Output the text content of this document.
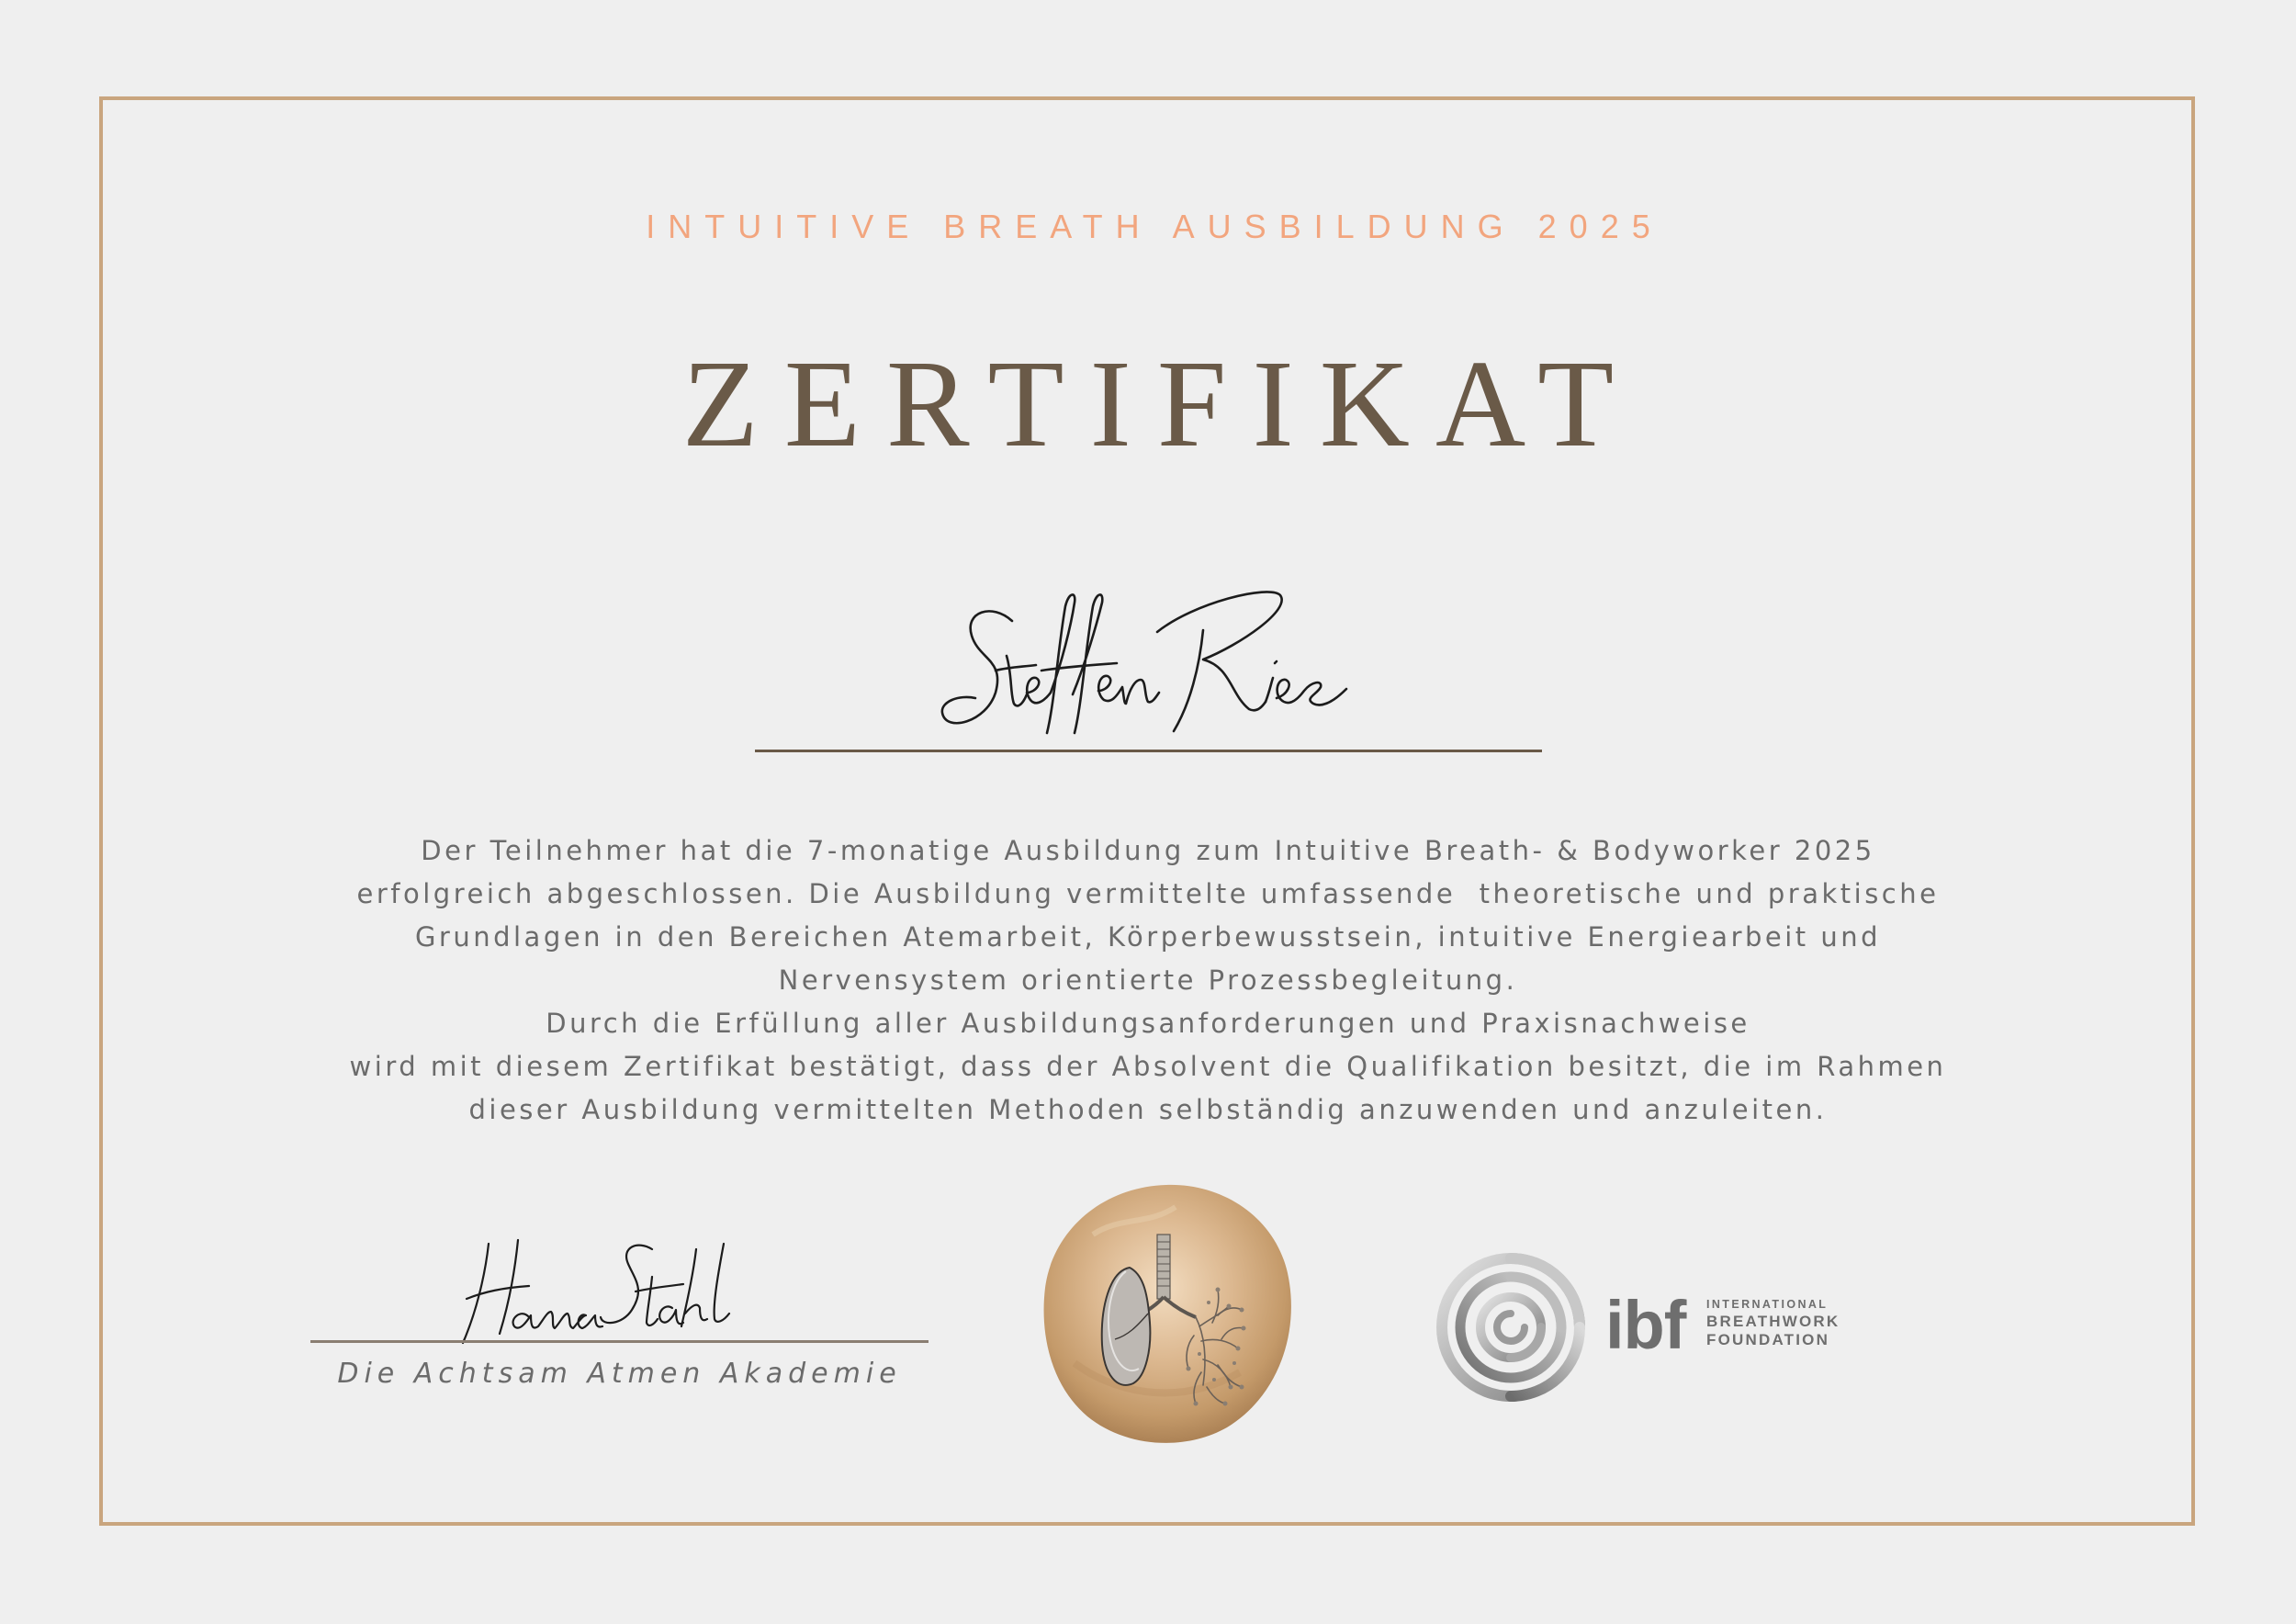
INTUITIVE BREATH AUSBILDUNG 2025
ZERTIFIKAT
Der Teilnehmer hat die 7-monatige Ausbildung zum Intuitive Breath- & Bodyworker 2025
erfolgreich abgeschlossen. Die Ausbildung vermittelte umfassende  theoretische und praktische
Grundlagen in den Bereichen Atemarbeit, Körperbewusstsein, intuitive Energiearbeit und
Nervensystem orientierte Prozessbegleitung.
Durch die Erfüllung aller Ausbildungsanforderungen und Praxisnachweise
wird mit diesem Zertifikat bestätigt, dass der Absolvent die Qualifikation besitzt, die im Rahmen
dieser Ausbildung vermittelten Methoden selbständig anzuwenden und anzuleiten.
Die Achtsam Atmen Akademie
ibf INTERNATIONAL
BREATHWORK
FOUNDATION
